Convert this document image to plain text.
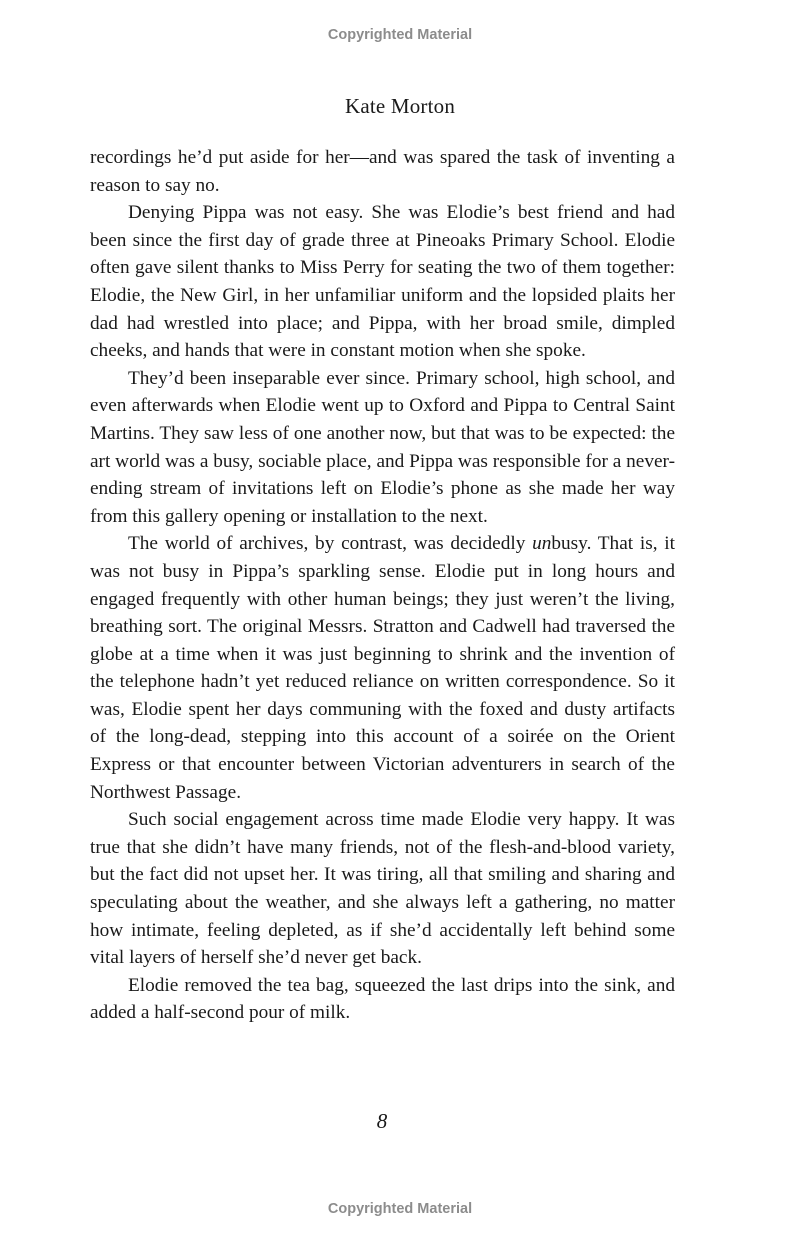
Copyrighted Material
Kate Morton

recordings he’d put aside for her—and was spared the task of inventing a reason to say no.

Denying Pippa was not easy. She was Elodie’s best friend and had been since the first day of grade three at Pineoaks Primary School. Elodie often gave silent thanks to Miss Perry for seating the two of them together: Elodie, the New Girl, in her unfamiliar uniform and the lopsided plaits her dad had wrestled into place; and Pippa, with her broad smile, dimpled cheeks, and hands that were in constant motion when she spoke.

They’d been inseparable ever since. Primary school, high school, and even afterwards when Elodie went up to Oxford and Pippa to Central Saint Martins. They saw less of one another now, but that was to be expected: the art world was a busy, sociable place, and Pippa was responsible for a never-ending stream of invitations left on Elodie’s phone as she made her way from this gallery opening or installation to the next.

The world of archives, by contrast, was decidedly unbusy. That is, it was not busy in Pippa’s sparkling sense. Elodie put in long hours and engaged frequently with other human beings; they just weren’t the living, breathing sort. The original Messrs. Stratton and Cadwell had traversed the globe at a time when it was just beginning to shrink and the invention of the telephone hadn’t yet reduced reliance on written correspondence. So it was, Elodie spent her days communing with the foxed and dusty artifacts of the long-dead, stepping into this account of a soirée on the Orient Express or that encounter between Victorian adventurers in search of the Northwest Passage.

Such social engagement across time made Elodie very happy. It was true that she didn’t have many friends, not of the flesh-and-blood variety, but the fact did not upset her. It was tiring, all that smiling and sharing and speculating about the weather, and she always left a gathering, no matter how intimate, feeling depleted, as if she’d accidentally left behind some vital layers of herself she’d never get back.

Elodie removed the tea bag, squeezed the last drips into the sink, and added a half-second pour of milk.

8
Copyrighted Material
